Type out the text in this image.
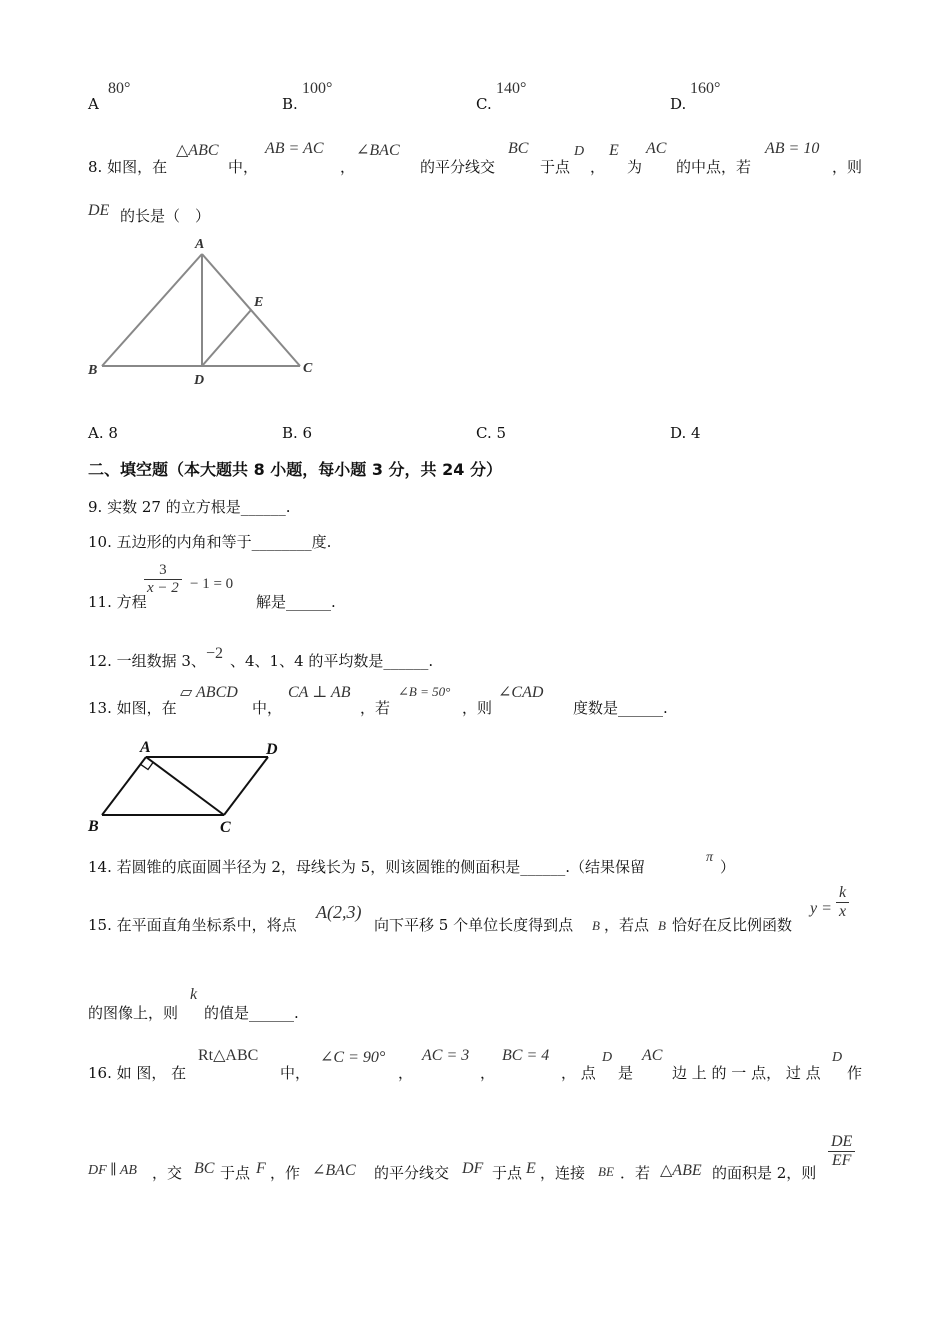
A
80°
B.
100°
C.
140°
D.
160°
8. 如图，在
△ABC
中，
AB = AC
，
∠BAC
的平分线交
BC
于点
D
，
E
为
AC
的中点，若
AB = 10
，则
DE 的长是（　）
A
B	C
D
E
A. 8	B. 6	C. 5	D. 4
二、填空题（本大题共 8 小题，每小题 3 分，共 24 分）
9. 实数 27 的立方根是______.
10. 五边形的内角和等于________度.
11. 方程
$\frac{3}{x - 2} - 1 = 0$
解是______.
12. 一组数据 3、 −2 、4、1、4 的平均数是______.
13. 如图，在
▱ ABCD
中，
CA ⊥ AB
，若
∠B = 50°
，则
∠CAD
度数是______.
A	D
B	C
14. 若圆锥的底面圆半径为 2，母线长为 5，则该圆锥的侧面积是______.（结果保留
π
）
15. 在平面直角坐标系中，将点
A(2,3)
向下平移 5 个单位长度得到点 B ，若点 B 恰好在反比例函数
$y = \frac{k}{x}$
的图像上，则
k
的值是______.
16. 如 图， 在
Rt△ABC
中，
∠C = 90°
，
AC = 3
，
BC = 4
， 点
D
是
AC
边 上 的 一 点， 过 点
D
作
DF ∥ AB ，交 BC 于点 F ，作 ∠BAC 的平分线交 DF 于点 E ，连接 BE ．若 △ABE 的面积是 2，则
$\frac{DE}{EF}$
